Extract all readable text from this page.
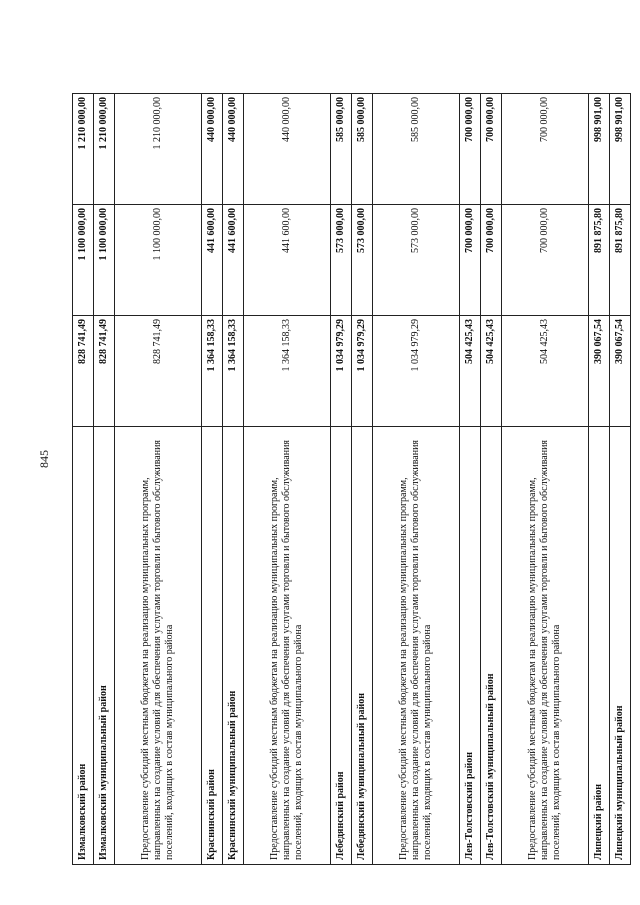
845
Измалковский район	828 741,49	1 100 000,00	1 210 000,00
Измалковский муниципальный район	828 741,49	1 100 000,00	1 210 000,00
Предоставление субсидий местным бюджетам на реализацию муниципальных программ, направленных на создание условий для обеспечения услугами торговли и бытового обслуживания поселений, входящих в состав муниципального района	828 741,49	1 100 000,00	1 210 000,00
Краснинский район	1 364 158,33	441 600,00	440 000,00
Краснинский муниципальный район	1 364 158,33	441 600,00	440 000,00
Предоставление субсидий местным бюджетам на реализацию муниципальных программ, направленных на создание условий для обеспечения услугами торговли и бытового обслуживания поселений, входящих в состав муниципального района	1 364 158,33	441 600,00	440 000,00
Лебедянский район	1 034 979,29	573 000,00	585 000,00
Лебедянский муниципальный район	1 034 979,29	573 000,00	585 000,00
Предоставление субсидий местным бюджетам на реализацию муниципальных программ, направленных на создание условий для обеспечения услугами торговли и бытового обслуживания поселений, входящих в состав муниципального района	1 034 979,29	573 000,00	585 000,00
Лев-Толстовский район	504 425,43	700 000,00	700 000,00
Лев-Толстовский муниципальный район	504 425,43	700 000,00	700 000,00
Предоставление субсидий местным бюджетам на реализацию муниципальных программ, направленных на создание условий для обеспечения услугами торговли и бытового обслуживания поселений, входящих в состав муниципального района	504 425,43	700 000,00	700 000,00
Липецкий район	390 067,54	891 875,80	998 901,00
Липецкий муниципальный район	390 067,54	891 875,80	998 901,00
